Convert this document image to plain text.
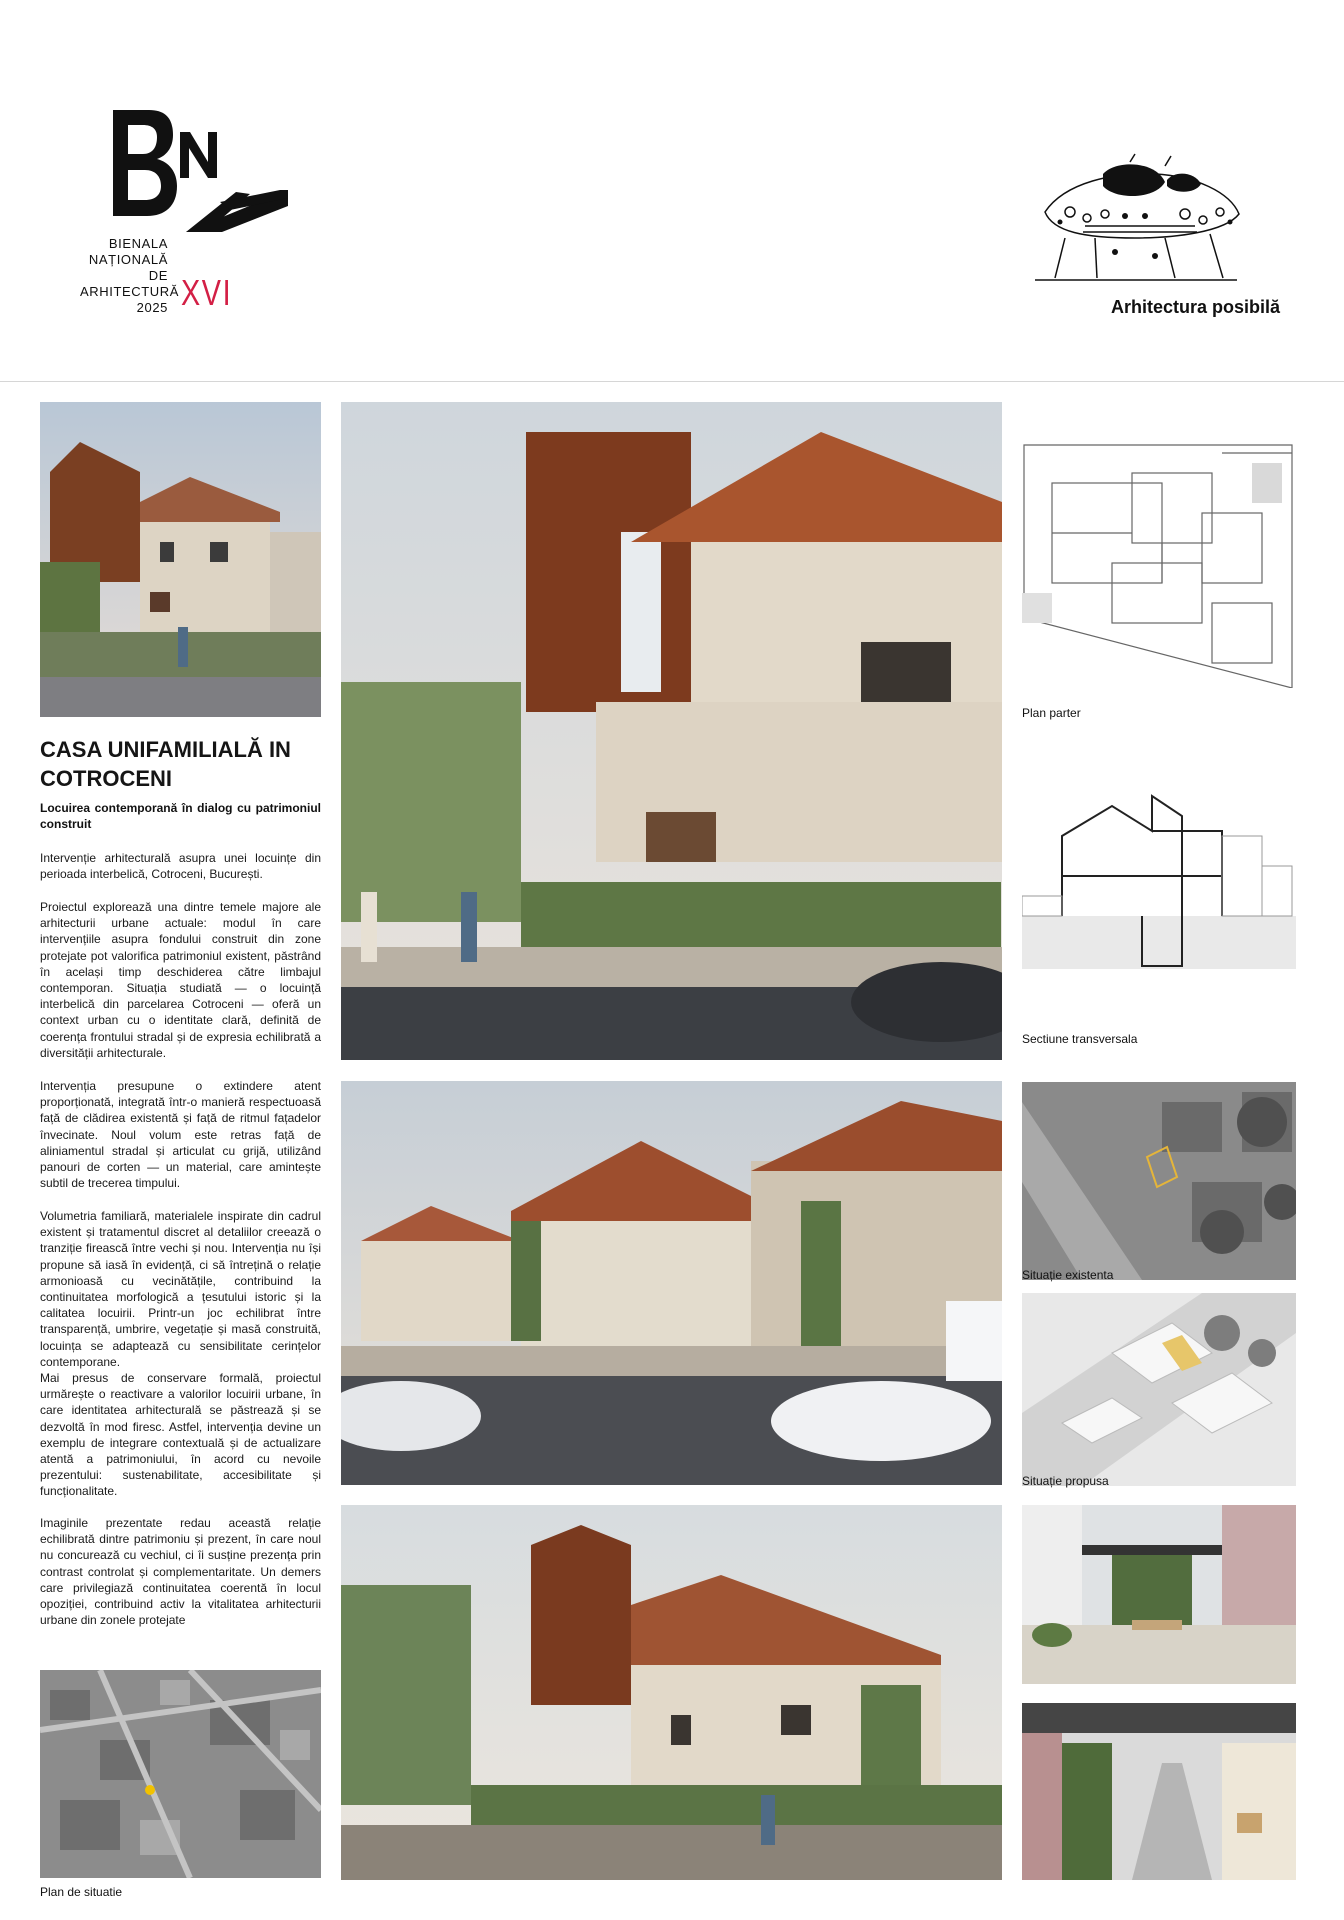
BIENALA
NAȚIONALĂ
DE
ARHITECTURĂ
2025 XVI	Arhitectura posibilă
CASA UNIFAMILIALĂ IN COTROCENI
Locuirea contemporană în dialog cu patrimoniul construit
Intervenție arhitecturală asupra unei locuințe din perioada interbelică, Cotroceni, București.
Proiectul explorează una dintre temele majore ale arhitecturii urbane actuale: modul în care intervențiile asupra fondului construit din zone protejate pot valorifica patrimoniul existent, păstrând în același timp deschiderea către limbajul contemporan. Situația studiată — o locuință interbelică din parcelarea Cotroceni — oferă un context urban cu o identitate clară, definită de coerența frontului stradal și de expresia echilibrată a diversității arhitecturale.
Intervenția presupune o extindere atent proporționată, integrată într-o manieră respectuoasă față de clădirea existentă și față de ritmul fațadelor învecinate. Noul volum este retras față de aliniamentul stradal și articulat cu grijă, utilizând panouri de corten — un material, care amintește subtil de trecerea timpului.
Volumetria familiară, materialele inspirate din cadrul existent și tratamentul discret al detaliilor creează o tranziție firească între vechi și nou. Intervenția nu își propune să iasă în evidență, ci să întrețină o relație armonioasă cu vecinătățile, contribuind la continuitatea morfologică a țesutului istoric și la calitatea locuirii. Printr-un joc echilibrat între transparență, umbrire, vegetație și masă construită, locuința se adaptează cu sensibilitate cerințelor contemporane.
Mai presus de conservare formală, proiectul urmărește o reactivare a valorilor locuirii urbane, în care identitatea arhitecturală se păstrează și se dezvoltă în mod firesc. Astfel, intervenția devine un exemplu de integrare contextuală și de actualizare atentă a patrimoniului, în acord cu nevoile prezentului: sustenabilitate, accesibilitate și funcționalitate.
Imaginile prezentate redau această relație echilibrată dintre patrimoniu și prezent, în care noul nu concurează cu vechiul, ci îi susține prezența prin contrast controlat și complementaritate. Un demers care privilegiază continuitatea coerentă în locul opoziției, contribuind activ la vitalitatea arhitecturii urbane din zonele protejate
Plan de situatie
Plan parter
Sectiune transversala
Situație existenta
Situație propusa
